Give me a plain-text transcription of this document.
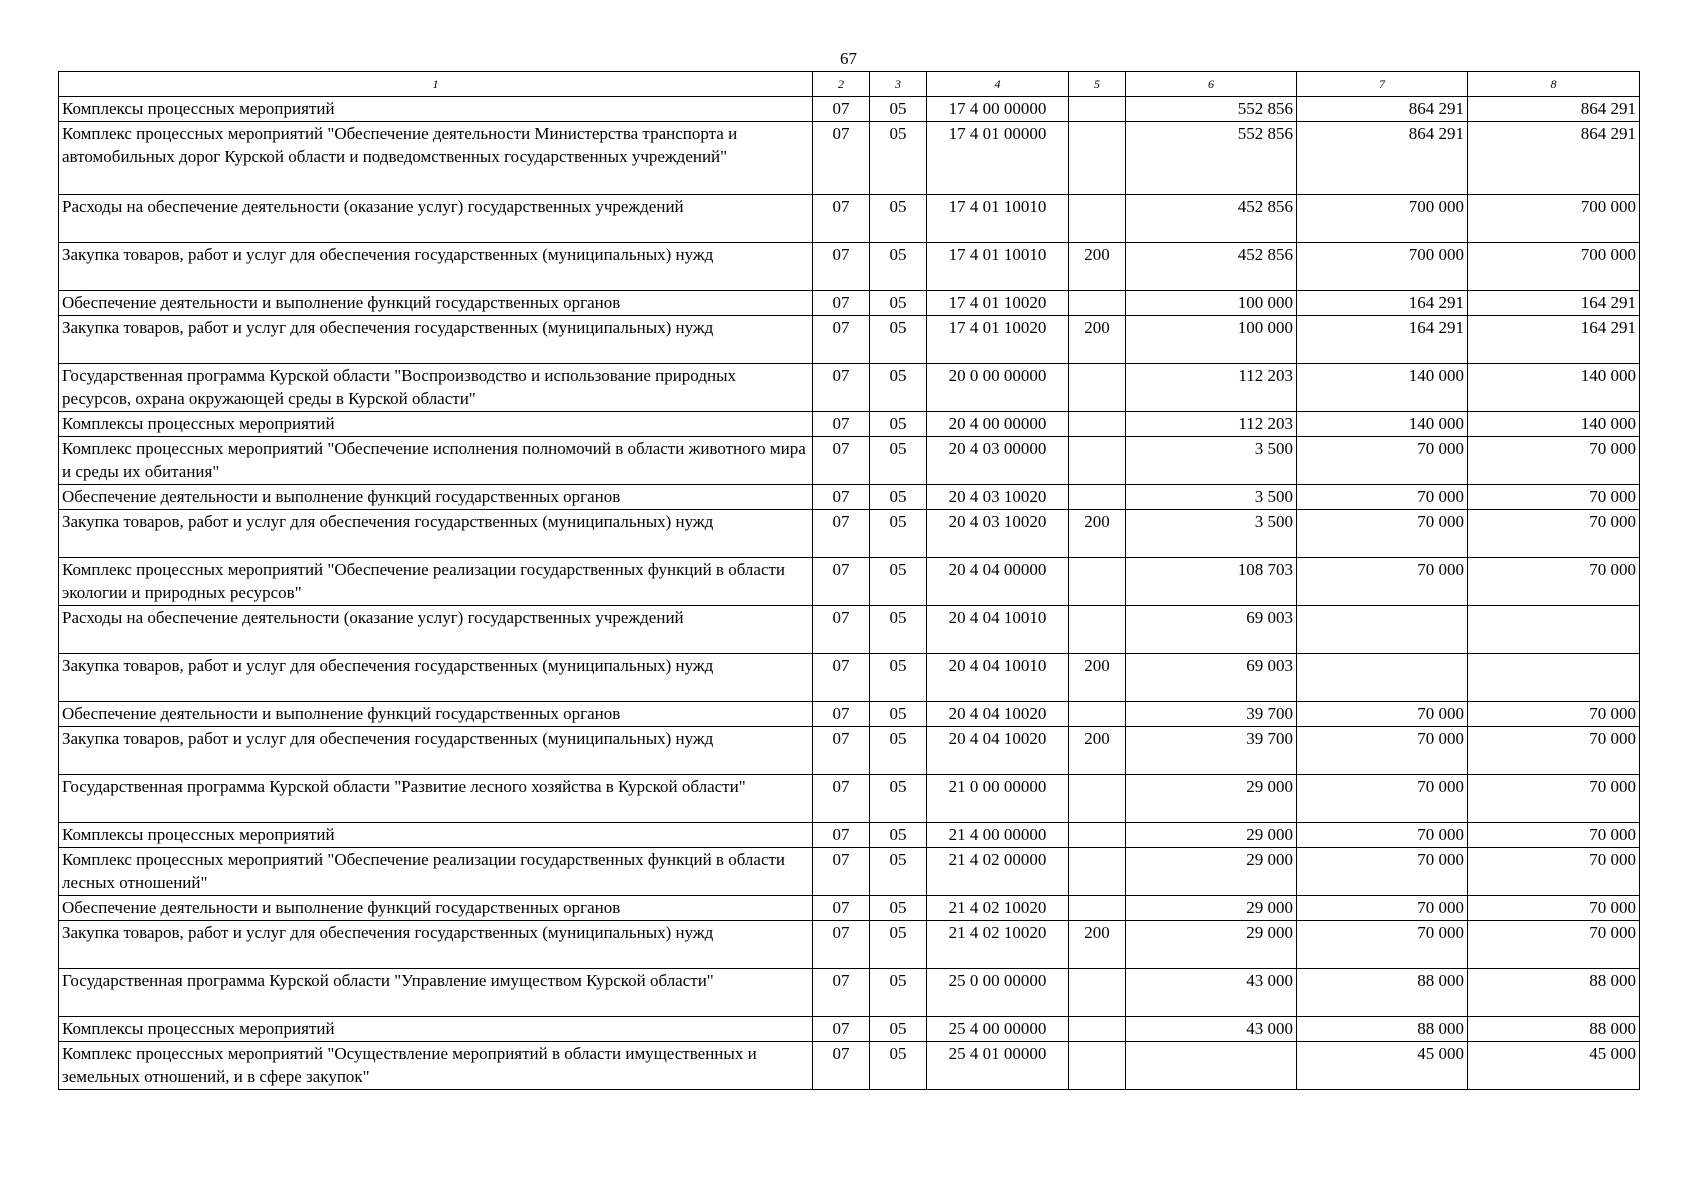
67
1	2	3	4	5	6	7	8
Комплексы процессных мероприятий	07	05	17 4 00 00000		552 856	864 291	864 291
Комплекс процессных мероприятий "Обеспечение деятельности Министерства транспорта и автомобильных дорог Курской области и подведомственных государственных учреждений"	07	05	17 4 01 00000		552 856	864 291	864 291
Расходы на обеспечение деятельности (оказание услуг) государственных учреждений	07	05	17 4 01 10010		452 856	700 000	700 000
Закупка товаров, работ и услуг для обеспечения государственных (муниципальных) нужд	07	05	17 4 01 10010	200	452 856	700 000	700 000
Обеспечение деятельности и выполнение функций государственных органов	07	05	17 4 01 10020		100 000	164 291	164 291
Закупка товаров, работ и услуг для обеспечения государственных (муниципальных) нужд	07	05	17 4 01 10020	200	100 000	164 291	164 291
Государственная программа Курской области "Воспроизводство и использование природных ресурсов, охрана окружающей среды в Курской области"	07	05	20 0 00 00000		112 203	140 000	140 000
Комплексы процессных мероприятий	07	05	20 4 00 00000		112 203	140 000	140 000
Комплекс процессных мероприятий "Обеспечение исполнения полномочий в области животного мира и среды их обитания"	07	05	20 4 03 00000		3 500	70 000	70 000
Обеспечение деятельности и выполнение функций государственных органов	07	05	20 4 03 10020		3 500	70 000	70 000
Закупка товаров, работ и услуг для обеспечения государственных (муниципальных) нужд	07	05	20 4 03 10020	200	3 500	70 000	70 000
Комплекс процессных мероприятий "Обеспечение реализации государственных функций в области экологии и природных ресурсов"	07	05	20 4 04 00000		108 703	70 000	70 000
Расходы на обеспечение деятельности (оказание услуг) государственных учреждений	07	05	20 4 04 10010		69 003		
Закупка товаров, работ и услуг для обеспечения государственных (муниципальных) нужд	07	05	20 4 04 10010	200	69 003		
Обеспечение деятельности и выполнение функций государственных органов	07	05	20 4 04 10020		39 700	70 000	70 000
Закупка товаров, работ и услуг для обеспечения государственных (муниципальных) нужд	07	05	20 4 04 10020	200	39 700	70 000	70 000
Государственная программа Курской области "Развитие лесного хозяйства в Курской области"	07	05	21 0 00 00000		29 000	70 000	70 000
Комплексы процессных мероприятий	07	05	21 4 00 00000		29 000	70 000	70 000
Комплекс процессных мероприятий "Обеспечение реализации государственных функций в области лесных отношений"	07	05	21 4 02 00000		29 000	70 000	70 000
Обеспечение деятельности и выполнение функций государственных органов	07	05	21 4 02 10020		29 000	70 000	70 000
Закупка товаров, работ и услуг для обеспечения государственных (муниципальных) нужд	07	05	21 4 02 10020	200	29 000	70 000	70 000
Государственная программа Курской области "Управление имуществом Курской области"	07	05	25 0 00 00000		43 000	88 000	88 000
Комплексы процессных мероприятий	07	05	25 4 00 00000		43 000	88 000	88 000
Комплекс процессных мероприятий "Осуществление мероприятий в области имущественных и земельных отношений, и в сфере закупок"	07	05	25 4 01 00000			45 000	45 000
